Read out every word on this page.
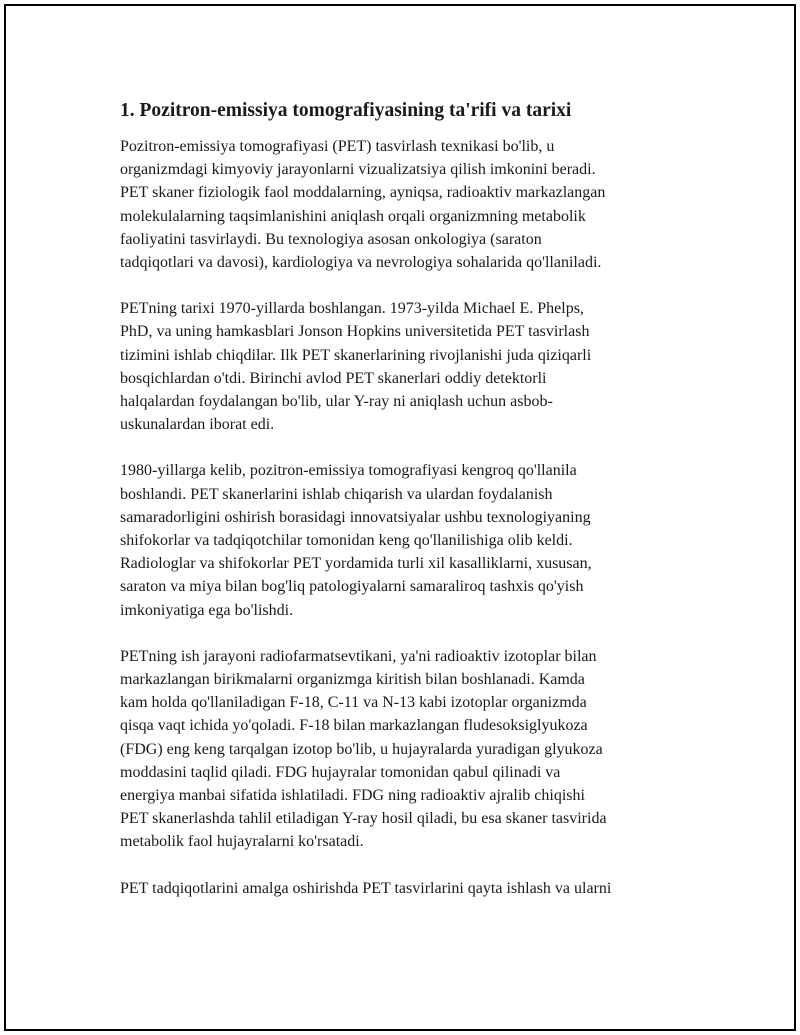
1. Pozitron-emissiya tomografiyasining ta'rifi va tarixi

Pozitron-emissiya tomografiyasi (PET) tasvirlash texnikasi bo'lib, u
organizmdagi kimyoviy jarayonlarni vizualizatsiya qilish imkonini beradi.
PET skaner fiziologik faol moddalarning, ayniqsa, radioaktiv markazlangan
molekulalarning taqsimlanishini aniqlash orqali organizmning metabolik
faoliyatini tasvirlaydi. Bu texnologiya asosan onkologiya (saraton
tadqiqotlari va davosi), kardiologiya va nevrologiya sohalarida qo'llaniladi.

PETning tarixi 1970-yillarda boshlangan. 1973-yilda Michael E. Phelps,
PhD, va uning hamkasblari Jonson Hopkins universitetida PET tasvirlash
tizimini ishlab chiqdilar. Ilk PET skanerlarining rivojlanishi juda qiziqarli
bosqichlardan o'tdi. Birinchi avlod PET skanerlari oddiy detektorli
halqalardan foydalangan bo'lib, ular Y-ray ni aniqlash uchun asbob-
uskunalardan iborat edi.

1980-yillarga kelib, pozitron-emissiya tomografiyasi kengroq qo'llanila
boshlandi. PET skanerlarini ishlab chiqarish va ulardan foydalanish
samaradorligini oshirish borasidagi innovatsiyalar ushbu texnologiyaning
shifokorlar va tadqiqotchilar tomonidan keng qo'llanilishiga olib keldi.
Radiologlar va shifokorlar PET yordamida turli xil kasalliklarni, xususan,
saraton va miya bilan bog'liq patologiyalarni samaraliroq tashxis qo'yish
imkoniyatiga ega bo'lishdi.

PETning ish jarayoni radiofarmatsevtikani, ya'ni radioaktiv izotoplar bilan
markazlangan birikmalarni organizmga kiritish bilan boshlanadi. Kamda
kam holda qo'llaniladigan F-18, C-11 va N-13 kabi izotoplar organizmda
qisqa vaqt ichida yo'qoladi. F-18 bilan markazlangan fludesoksiglyukoza
(FDG) eng keng tarqalgan izotop bo'lib, u hujayralarda yuradigan glyukoza
moddasini taqlid qiladi. FDG hujayralar tomonidan qabul qilinadi va
energiya manbai sifatida ishlatiladi. FDG ning radioaktiv ajralib chiqishi
PET skanerlashda tahlil etiladigan Y-ray hosil qiladi, bu esa skaner tasvirida
metabolik faol hujayralarni ko'rsatadi.

PET tadqiqotlarini amalga oshirishda PET tasvirlarini qayta ishlash va ularni
